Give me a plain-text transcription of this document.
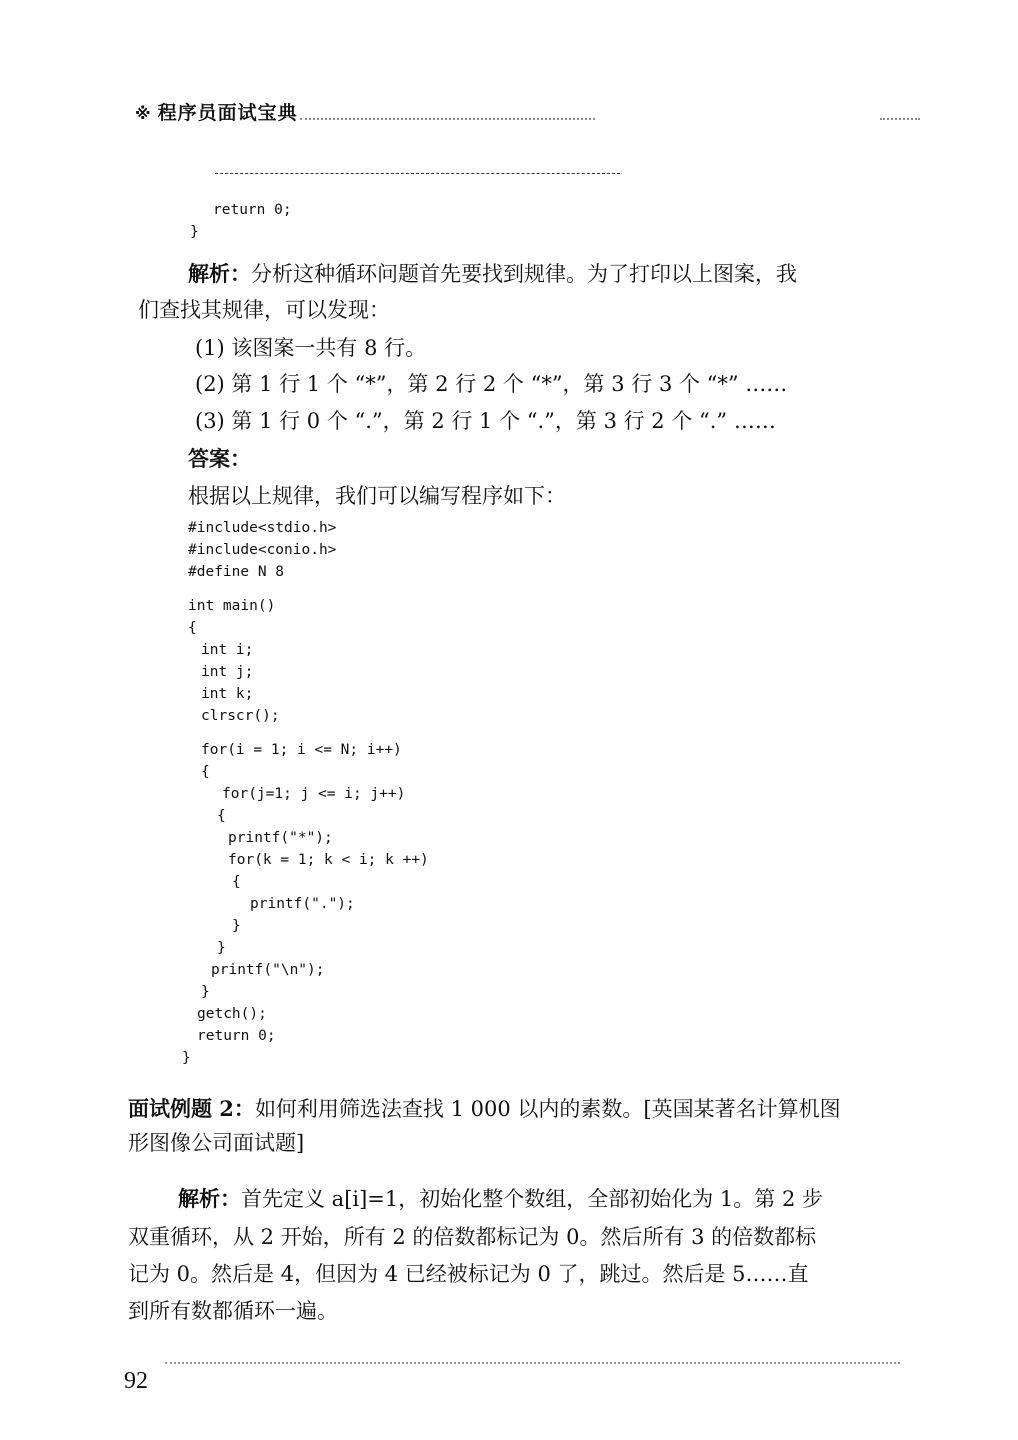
※ 程序员面试宝典
return 0;
}
解析：分析这种循环问题首先要找到规律。为了打印以上图案，我
们查找其规律，可以发现：
(1) 该图案一共有 8 行。
(2) 第 1 行 1 个 “*”，第 2 行 2 个 “*”，第 3 行 3 个 “*” ……
(3) 第 1 行 0 个 “.”，第 2 行 1 个 “.”，第 3 行 2 个 “.” ……
答案：
根据以上规律，我们可以编写程序如下：
#include<stdio.h>
#include<conio.h>
#define N 8
int main()
{
int i;
int j;
int k;
clrscr();
for(i = 1; i <= N; i++)
{
for(j=1; j <= i; j++)
{
printf("*");
for(k = 1; k < i; k ++)
{
printf(".");
}
}
printf("\n");
}
getch();
return 0;
}
面试例题 2：如何利用筛选法查找 1 000 以内的素数。[英国某著名计算机图
形图像公司面试题]
解析：首先定义 a[i]=1，初始化整个数组，全部初始化为 1。第 2 步
双重循环，从 2 开始，所有 2 的倍数都标记为 0。然后所有 3 的倍数都标
记为 0。然后是 4，但因为 4 已经被标记为 0 了，跳过。然后是 5……直
到所有数都循环一遍。
92
